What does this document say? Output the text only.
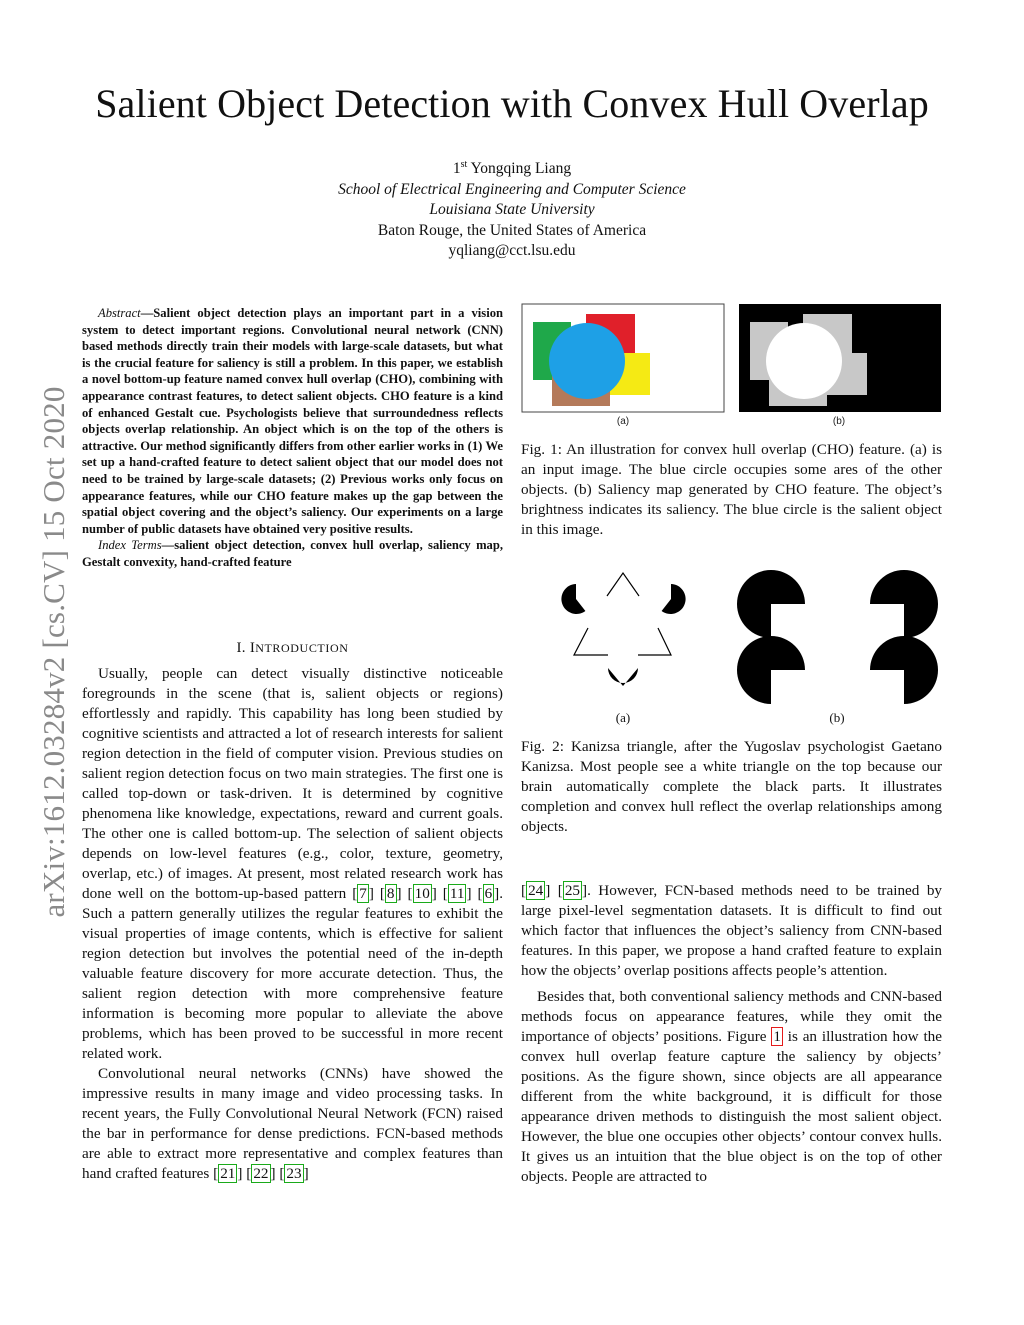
arXiv:1612.03284v2 [cs.CV] 15 Oct 2020
Salient Object Detection with Convex Hull Overlap
1st Yongqing Liang
School of Electrical Engineering and Computer Science
Louisiana State University
Baton Rouge, the United States of America
yqliang@cct.lsu.edu

Abstract—Salient object detection plays an important part in a vision system to detect important regions. Convolutional neural network (CNN) based methods directly train their models with large-scale datasets, but what is the crucial feature for saliency is still a problem. In this paper, we establish a novel bottom-up feature named convex hull overlap (CHO), combining with appearance contrast features, to detect salient objects. CHO feature is a kind of enhanced Gestalt cue. Psychologists believe that surroundedness reflects objects overlap relationship. An object which is on the top of the others is attractive. Our method significantly differs from other earlier works in (1) We set up a hand-crafted feature to detect salient object that our model does not need to be trained by large-scale datasets; (2) Previous works only focus on appearance features, while our CHO feature makes up the gap between the spatial object covering and the object’s saliency. Our experiments on a large number of public datasets have obtained very positive results.

Index Terms—salient object detection, convex hull overlap, saliency map, Gestalt convexity, hand-crafted feature

I. INTRODUCTION

Usually, people can detect visually distinctive noticeable foregrounds in the scene (that is, salient objects or regions) effortlessly and rapidly. This capability has long been studied by cognitive scientists and attracted a lot of research interests for salient region detection in the field of computer vision. Previous studies on salient region detection focus on two main strategies. The first one is called top-down or task-driven. It is determined by cognitive phenomena like knowledge, expectations, reward and current goals. The other one is called bottom-up. The selection of salient objects depends on low-level features (e.g., color, texture, geometry, overlap, etc.) of images. At present, most related research work has done well on the bottom-up-based pattern [ 7 ] [ 8 ] [ 10 ] [ 11 ] [ 6 ]. Such a pattern generally utilizes the regular features to exhibit the visual properties of image contents, which is effective for salient region detection but involves the potential need of the in-depth valuable feature discovery for more accurate detection. Thus, the salient region detection with more comprehensive feature information is becoming more popular to alleviate the above problems, which has been proved to be successful in more recent related work.

Convolutional neural networks (CNNs) have showed the impressive results in many image and video processing tasks. In recent years, the Fully Convolutional Neural Network (FCN) raised the bar in performance for dense predictions. FCN-based methods are able to extract more representative and complex features than hand crafted features [ 21 ] [ 22 ] [ 23 ]

(a)	(b)
Fig. 1: An illustration for convex hull overlap (CHO) feature. (a) is an input image. The blue circle occupies some ares of the other objects. (b) Saliency map generated by CHO feature. The object’s brightness indicates its saliency. The blue circle is the salient object in this image.
(a)	(b)
Fig. 2: Kanizsa triangle, after the Yugoslav psychologist Gaetano Kanizsa. Most people see a white triangle on the top because our brain automatically complete the black parts. It illustrates completion and convex hull reflect the overlap relationships among objects.

[ 24 ] [ 25 ]. However, FCN-based methods need to be trained by large pixel-level segmentation datasets. It is difficult to find out which factor that influences the object’s saliency from CNN-based features. In this paper, we propose a hand crafted feature to explain how the objects’ overlap positions affects people’s attention.

Besides that, both conventional saliency methods and CNN-based methods focus on appearance features, while they omit the importance of objects’ positions. Figure 1 is an illustration how the convex hull overlap feature capture the saliency by objects’ positions. As the figure shown, since objects are all appearance different from the white background, it is difficult for those appearance driven methods to distinguish the most salient object. However, the blue one occupies other objects’ contour convex hulls. It gives us an intuition that the blue object is on the top of other objects. People are attracted to
